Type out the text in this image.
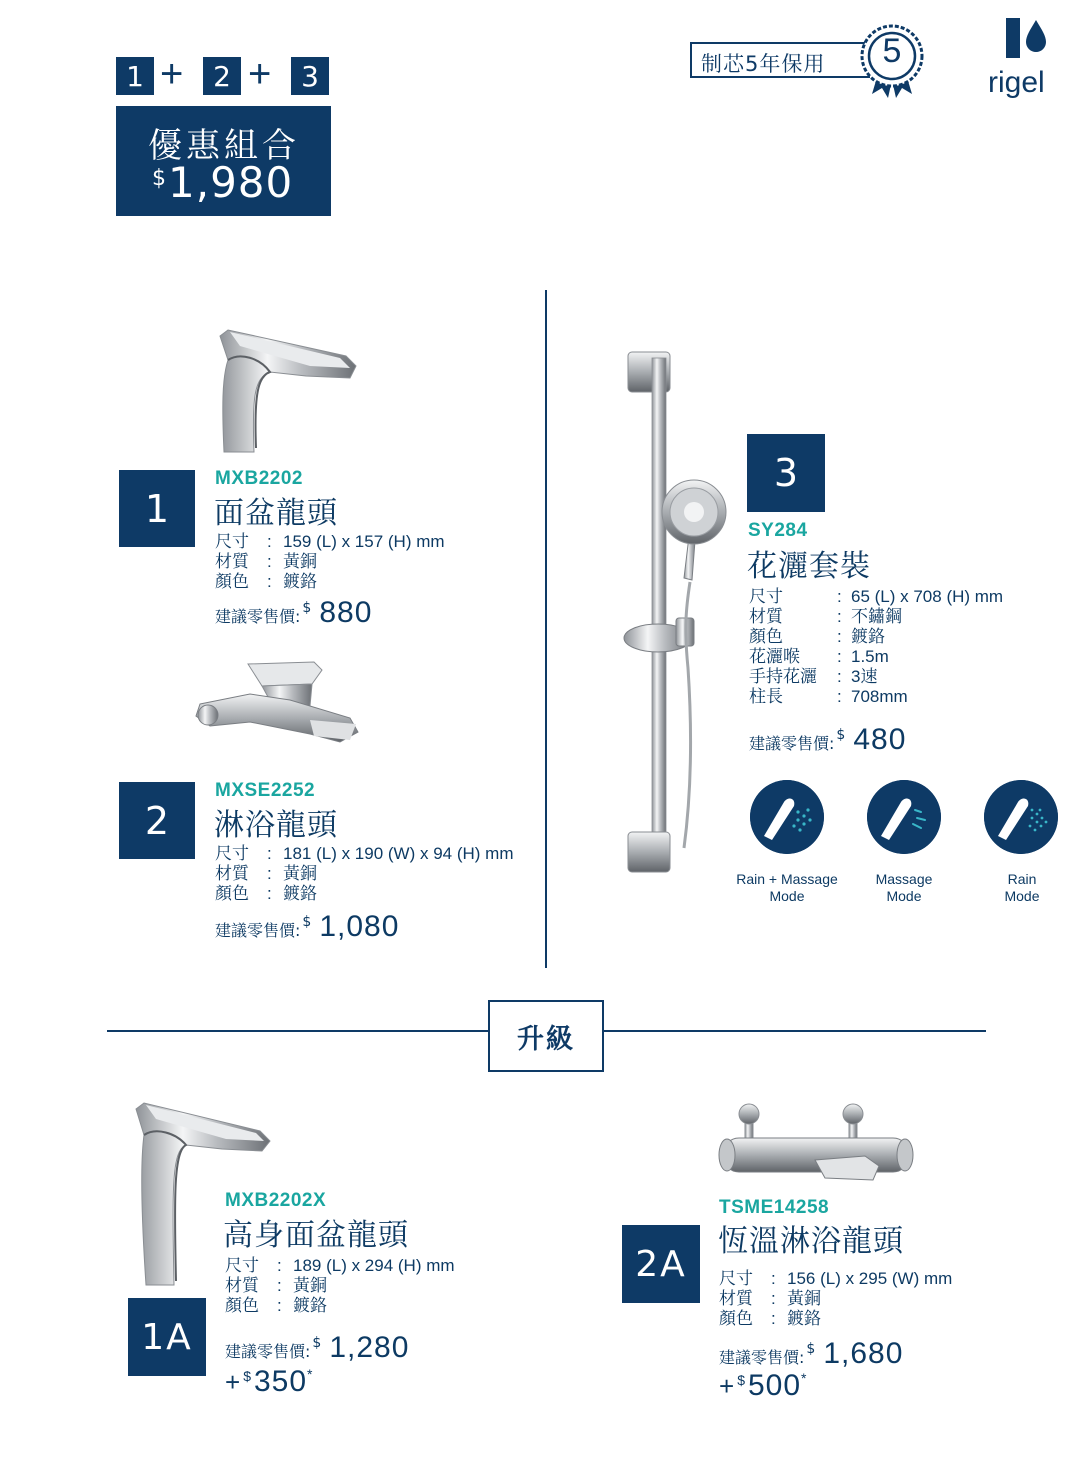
1 +	2 +	3
優惠組合
$ 1,980
制芯5年保用 5
rigel
1
MXB2202
面盆龍頭
尺寸	: 159 (L) x 157 (H) mm
材質	: 黃銅
顏色	: 鍍鉻
建議零售價: $ 880
2
MXSE2252
淋浴龍頭
尺寸	: 181 (L) x 190 (W) x 94 (H) mm
材質	: 黃銅
顏色	: 鍍鉻
建議零售價: $ 1,080
3
SY284
花灑套裝
尺寸	: 65 (L) x 708 (H) mm
材質	: 不鏽鋼
顏色	: 鍍鉻
花灑喉	: 1.5m
手持花灑	: 3速
柱長	: 708mm
建議零售價: $ 480
Rain + Massage
Mode
Massage
Mode
Rain
Mode
升級
1A
MXB2202X
高身面盆龍頭
尺寸	: 189 (L) x 294 (H) mm
材質	: 黃銅
顏色	: 鍍鉻
建議零售價: $ 1,280
+ $ 350 *
2A
TSME14258
恆溫淋浴龍頭
尺寸	: 156 (L) x 295 (W) mm
材質	: 黃銅
顏色	: 鍍鉻
建議零售價: $ 1,680
+ $ 500 *
